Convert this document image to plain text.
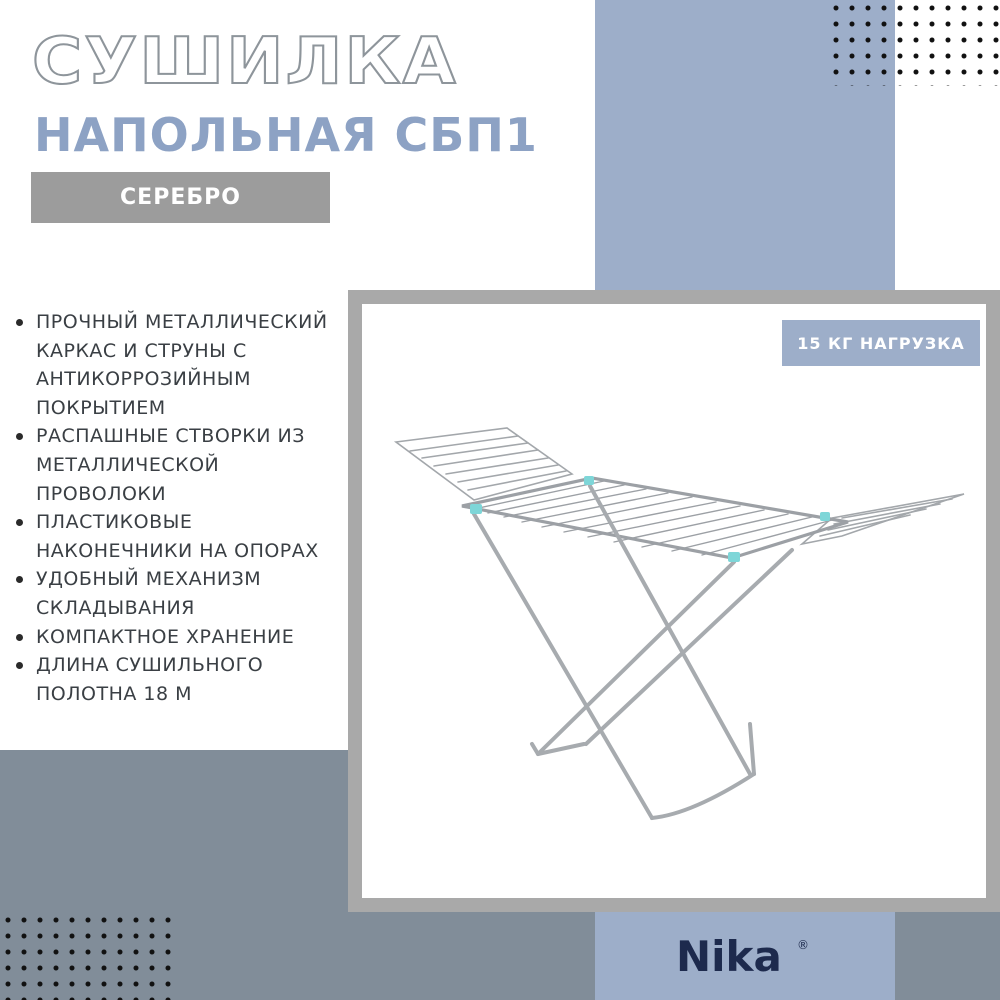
СУШИЛКА
НАПОЛЬНАЯ СБП1
СЕРЕБРО
ПРОЧНЫЙ МЕТАЛЛИЧЕСКИЙ КАРКАС И СТРУНЫ С АНТИКОРРОЗИЙНЫМ ПОКРЫТИЕМ
РАСПАШНЫЕ СТВОРКИ ИЗ МЕТАЛЛИЧЕСКОЙ ПРОВОЛОКИ
ПЛАСТИКОВЫЕ НАКОНЕЧНИКИ НА ОПОРАХ
УДОБНЫЙ МЕХАНИЗМ СКЛАДЫВАНИЯ
КОМПАКТНОЕ ХРАНЕНИЕ
ДЛИНА СУШИЛЬНОГО ПОЛОТНА 18 М
15 КГ НАГРУЗКА
Nika ®
